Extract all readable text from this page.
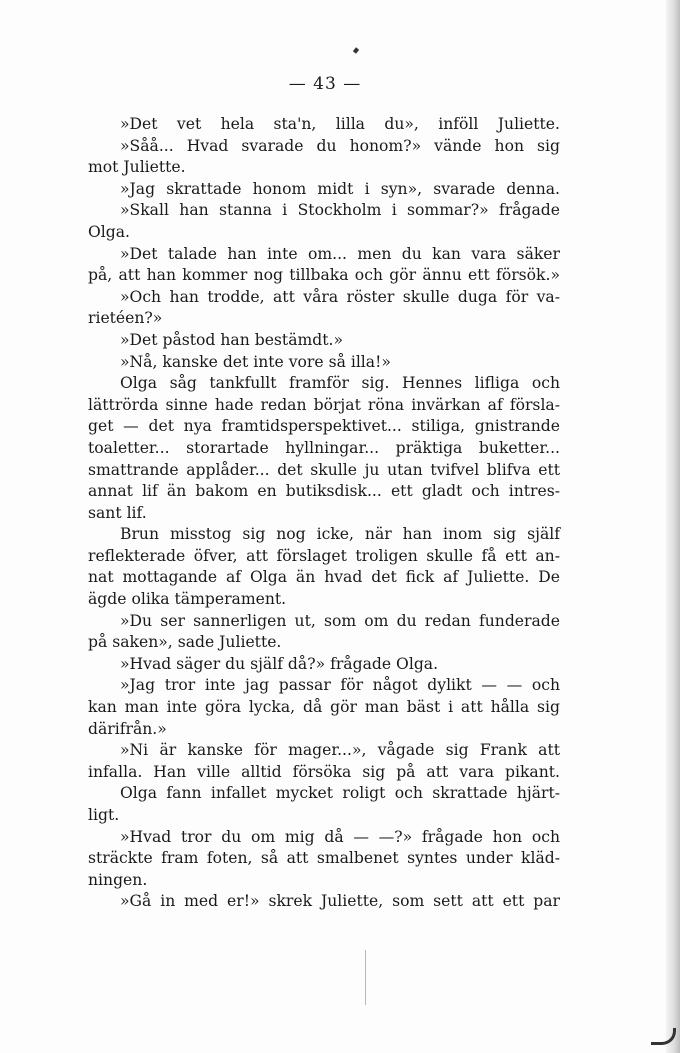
— 43 —
»Det vet hela sta'n, lilla du», inföll Juliette.
»Såå... Hvad svarade du honom?» vände hon sig
mot Juliette.
»Jag skrattade honom midt i syn», svarade denna.
»Skall han stanna i Stockholm i sommar?» frågade
Olga.
»Det talade han inte om... men du kan vara säker
på, att han kommer nog tillbaka och gör ännu ett försök.»
»Och han trodde, att våra röster skulle duga för va-
rietéen?»
»Det påstod han bestämdt.»
»Nå, kanske det inte vore så illa!»
Olga såg tankfullt framför sig. Hennes lifliga och
lättrörda sinne hade redan börjat röna invärkan af försla-
get — det nya framtidsperspektivet... stiliga, gnistrande
toaletter... storartade hyllningar... präktiga buketter...
smattrande applåder... det skulle ju utan tvifvel blifva ett
annat lif än bakom en butiksdisk... ett gladt och intres-
sant lif.
Brun misstog sig nog icke, när han inom sig själf
reflekterade öfver, att förslaget troligen skulle få ett an-
nat mottagande af Olga än hvad det fick af Juliette. De
ägde olika tämperament.
»Du ser sannerligen ut, som om du redan funderade
på saken», sade Juliette.
»Hvad säger du själf då?» frågade Olga.
»Jag tror inte jag passar för något dylikt — — och
kan man inte göra lycka, då gör man bäst i att hålla sig
därifrån.»
»Ni är kanske för mager...», vågade sig Frank att
infalla. Han ville alltid försöka sig på att vara pikant.
Olga fann infallet mycket roligt och skrattade hjärt-
ligt.
»Hvad tror du om mig då — —?» frågade hon och
sträckte fram foten, så att smalbenet syntes under kläd-
ningen.
»Gå in med er!» skrek Juliette, som sett att ett par
